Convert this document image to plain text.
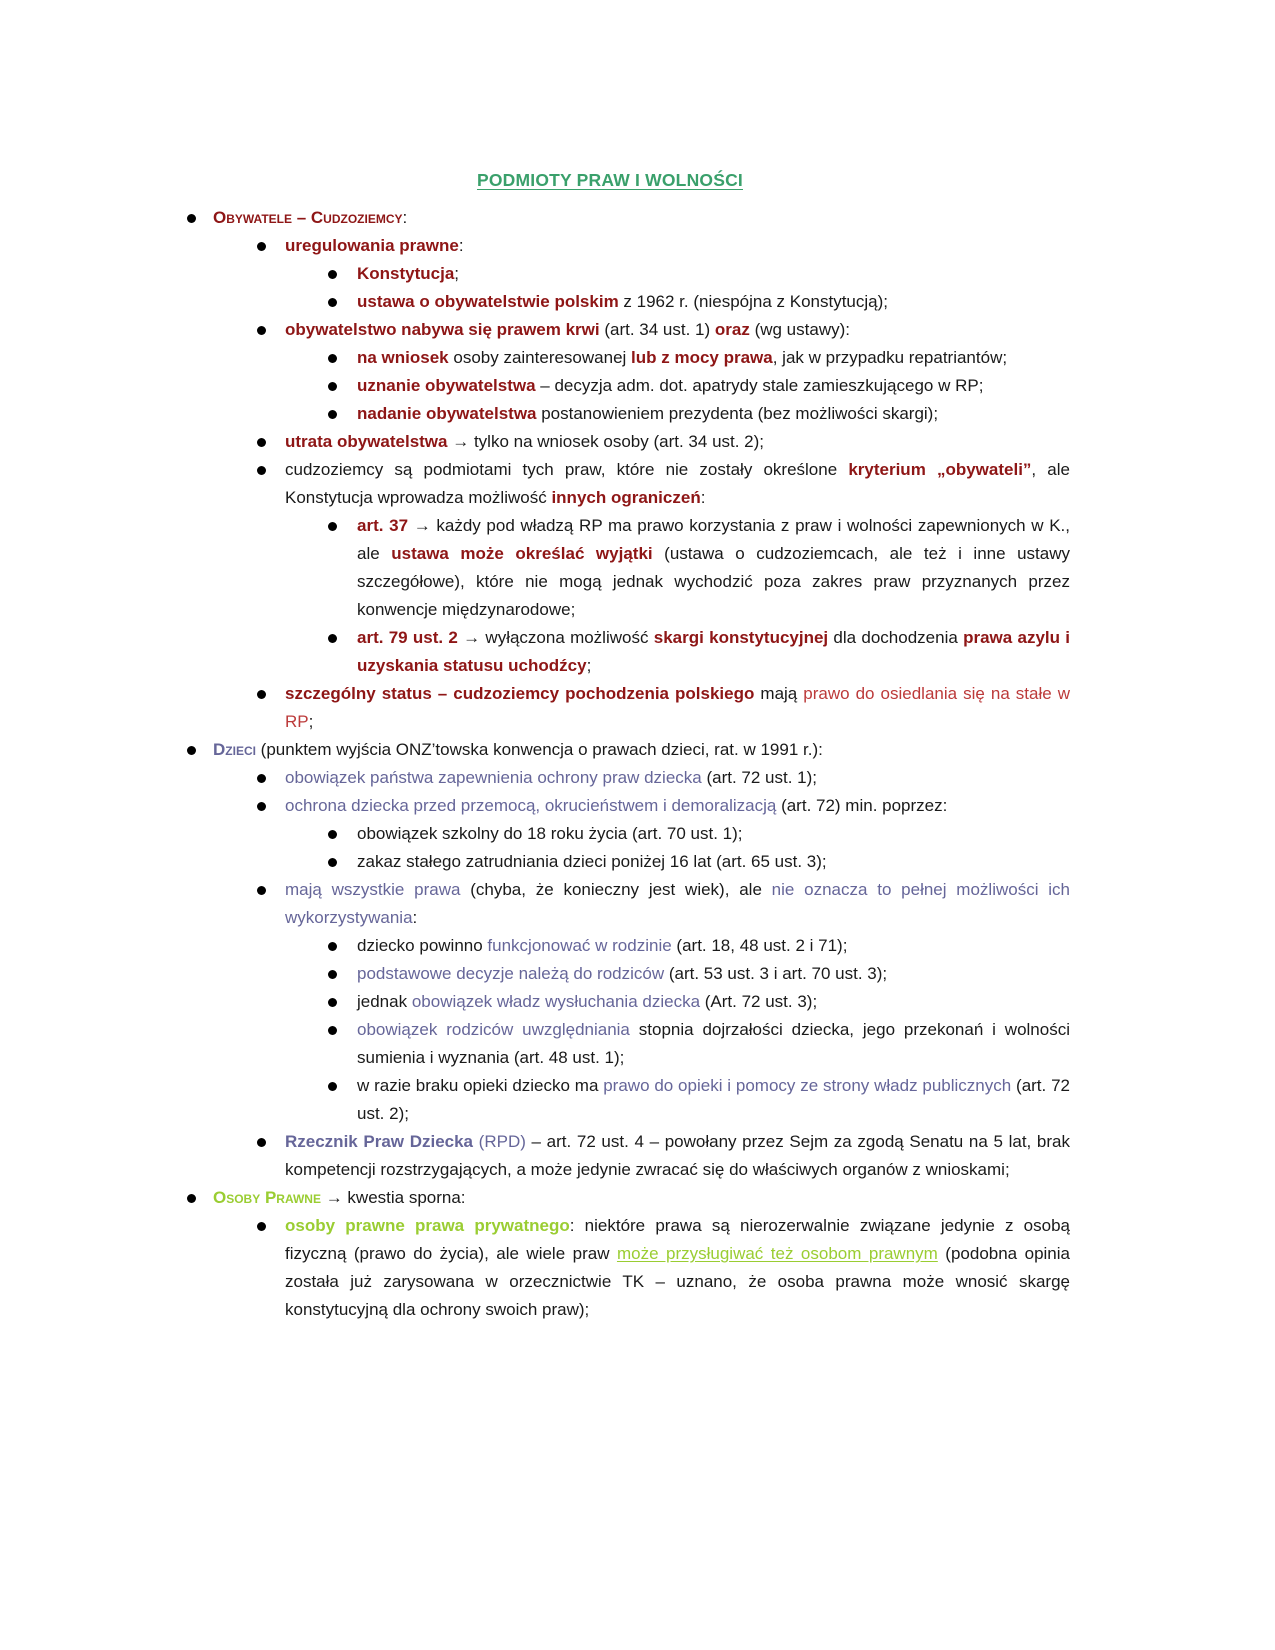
PODMIOTY PRAW I WOLNOŚCI
Obywatele – Cudzoziemcy:
uregulowania prawne:
Konstytucja;
ustawa o obywatelstwie polskim z 1962 r. (niespójna z Konstytucją);
obywatelstwo nabywa się prawem krwi (art. 34 ust. 1) oraz (wg ustawy):
na wniosek osoby zainteresowanej lub z mocy prawa, jak w przypadku repatriantów;
uznanie obywatelstwa – decyzja adm. dot. apatrydy stale zamieszkującego w RP;
nadanie obywatelstwa postanowieniem prezydenta (bez możliwości skargi);
utrata obywatelstwa → tylko na wniosek osoby (art. 34 ust. 2);
cudzoziemcy są podmiotami tych praw, które nie zostały określone kryterium „obywateli”, ale Konstytucja wprowadza możliwość innych ograniczeń:
art. 37 → każdy pod władzą RP ma prawo korzystania z praw i wolności zapewnionych w K., ale ustawa może określać wyjątki (ustawa o cudzoziemcach, ale też i inne ustawy szczegółowe), które nie mogą jednak wychodzić poza zakres praw przyznanych przez konwencje międzynarodowe;
art. 79 ust. 2 → wyłączona możliwość skargi konstytucyjnej dla dochodzenia prawa azylu i uzyskania statusu uchodźcy;
szczególny status – cudzoziemcy pochodzenia polskiego mają prawo do osiedlania się na stałe w RP;
Dzieci (punktem wyjścia ONZ’towska konwencja o prawach dzieci, rat. w 1991 r.):
obowiązek państwa zapewnienia ochrony praw dziecka (art. 72 ust. 1);
ochrona dziecka przed przemocą, okrucieństwem i demoralizacją (art. 72) min. poprzez:
obowiązek szkolny do 18 roku życia (art. 70 ust. 1);
zakaz stałego zatrudniania dzieci poniżej 16 lat (art. 65 ust. 3);
mają wszystkie prawa (chyba, że konieczny jest wiek), ale nie oznacza to pełnej możliwości ich wykorzystywania:
dziecko powinno funkcjonować w rodzinie (art. 18, 48 ust. 2 i 71);
podstawowe decyzje należą do rodziców (art. 53 ust. 3 i art. 70 ust. 3);
jednak obowiązek władz wysłuchania dziecka (Art. 72 ust. 3);
obowiązek rodziców uwzględniania stopnia dojrzałości dziecka, jego przekonań i wolności sumienia i wyznania (art. 48 ust. 1);
w razie braku opieki dziecko ma prawo do opieki i pomocy ze strony władz publicznych (art. 72 ust. 2);
Rzecznik Praw Dziecka (RPD) – art. 72 ust. 4 – powołany przez Sejm za zgodą Senatu na 5 lat, brak kompetencji rozstrzygających, a może jedynie zwracać się do właściwych organów z wnioskami;
Osoby Prawne → kwestia sporna:
osoby prawne prawa prywatnego: niektóre prawa są nierozerwalnie związane jedynie z osobą fizyczną (prawo do życia), ale wiele praw może przysługiwać też osobom prawnym (podobna opinia została już zarysowana w orzecznictwie TK – uznano, że osoba prawna może wnosić skargę konstytucyjną dla ochrony swoich praw);
